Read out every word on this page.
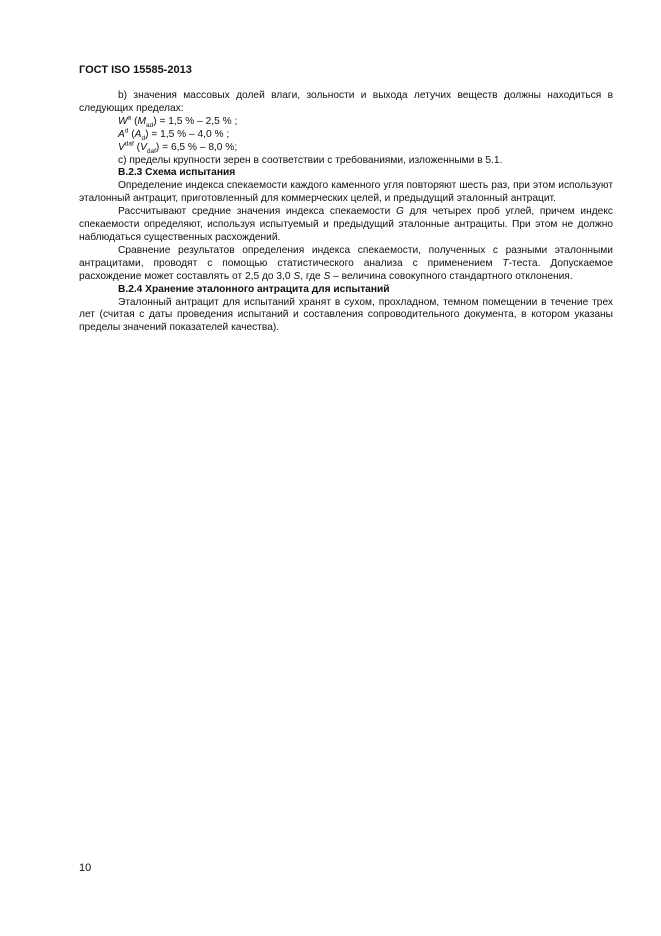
ГОСТ ISO 15585-2013

b) значения массовых долей влаги, зольности и выхода летучих веществ должны находиться в следующих пределах:

$W^a$ $(M_{ad}) = 1,5$ % – 2,5 % ;
$A^d$ $(A_d) = 1,5$ % – 4,0 % ;
$V^{daf}$ $(V_{daf}) = 6,5$ % – 8,0 %;

с) пределы крупности зерен в соответствии с требованиями, изложенными в 5.1.

В.2.3 Схема испытания

Определение индекса спекаемости каждого каменного угля повторяют шесть раз, при этом используют эталонный антрацит, приготовленный для коммерческих целей, и предыдущий эталонный антрацит.

Рассчитывают средние значения индекса спекаемости G для четырех проб углей, причем индекс спекаемости определяют, используя испытуемый и предыдущий эталонные антрациты. При этом не должно наблюдаться существенных расхождений.

Сравнение результатов определения индекса спекаемости, полученных с разными эталонными антрацитами, проводят с помощью статистического анализа с применением Т-теста. Допускаемое расхождение может составлять от 2,5 до 3,0 S, где S – величина совокупного стандартного отклонения.

В.2.4 Хранение эталонного антрацита для испытаний

Эталонный антрацит для испытаний хранят в сухом, прохладном, темном помещении в течение трех лет (считая с даты проведения испытаний и составления сопроводительного документа, в котором указаны пределы значений показателей качества).

10
